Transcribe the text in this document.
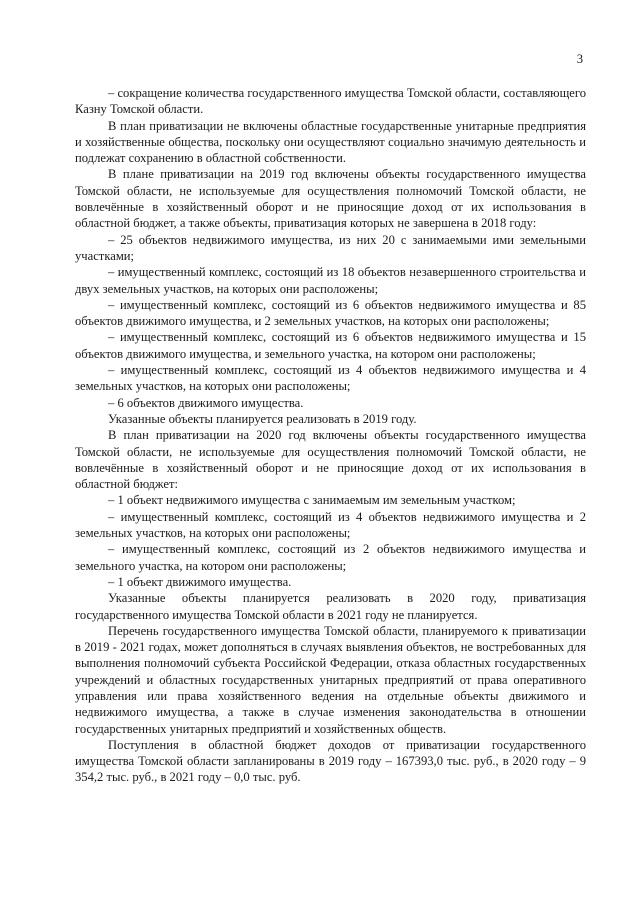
3

– сокращение количества государственного имущества Томской области, составляющего Казну Томской области.

В план приватизации не включены областные государственные унитарные предприятия и хозяйственные общества, поскольку они осуществляют социально значимую деятельность и подлежат сохранению в областной собственности.

В плане приватизации на 2019 год включены объекты государственного имущества Томской области, не используемые для осуществления полномочий Томской области, не вовлечённые в хозяйственный оборот и не приносящие доход от их использования в областной бюджет, а также объекты, приватизация которых не завершена в 2018 году:

– 25 объектов недвижимого имущества, из них 20 с занимаемыми ими земельными участками;

– имущественный комплекс, состоящий из 18 объектов незавершенного строительства и двух земельных участков, на которых они расположены;

– имущественный комплекс, состоящий из 6 объектов недвижимого имущества и 85 объектов движимого имущества, и 2 земельных участков, на которых они расположены;

– имущественный комплекс, состоящий из 6 объектов недвижимого имущества и 15 объектов движимого имущества, и земельного участка, на котором они расположены;

– имущественный комплекс, состоящий из 4 объектов недвижимого имущества и 4 земельных участков, на которых они расположены;

– 6 объектов движимого имущества.

Указанные объекты планируется реализовать в 2019 году.

В план приватизации на 2020 год включены объекты государственного имущества Томской области, не используемые для осуществления полномочий Томской области, не вовлечённые в хозяйственный оборот и не приносящие доход от их использования в областной бюджет:

– 1 объект недвижимого имущества с занимаемым им земельным участком;

– имущественный комплекс, состоящий из 4 объектов недвижимого имущества и 2 земельных участков, на которых они расположены;

– имущественный комплекс, состоящий из 2 объектов недвижимого имущества и земельного участка, на котором они расположены;

– 1 объект движимого имущества.

Указанные объекты планируется реализовать в 2020 году, приватизация государственного имущества Томской области в 2021 году не планируется.

Перечень государственного имущества Томской области, планируемого к приватизации в 2019 - 2021 годах, может дополняться в случаях выявления объектов, не востребованных для выполнения полномочий субъекта Российской Федерации, отказа областных государственных учреждений и областных государственных унитарных предприятий от права оперативного управления или права хозяйственного ведения на отдельные объекты движимого и недвижимого имущества, а также в случае изменения законодательства в отношении государственных унитарных предприятий и хозяйственных обществ.

Поступления в областной бюджет доходов от приватизации государственного имущества Томской области запланированы в 2019 году – 167393,0 тыс. руб., в 2020 году – 9 354,2 тыс. руб., в 2021 году – 0,0 тыс. руб.
